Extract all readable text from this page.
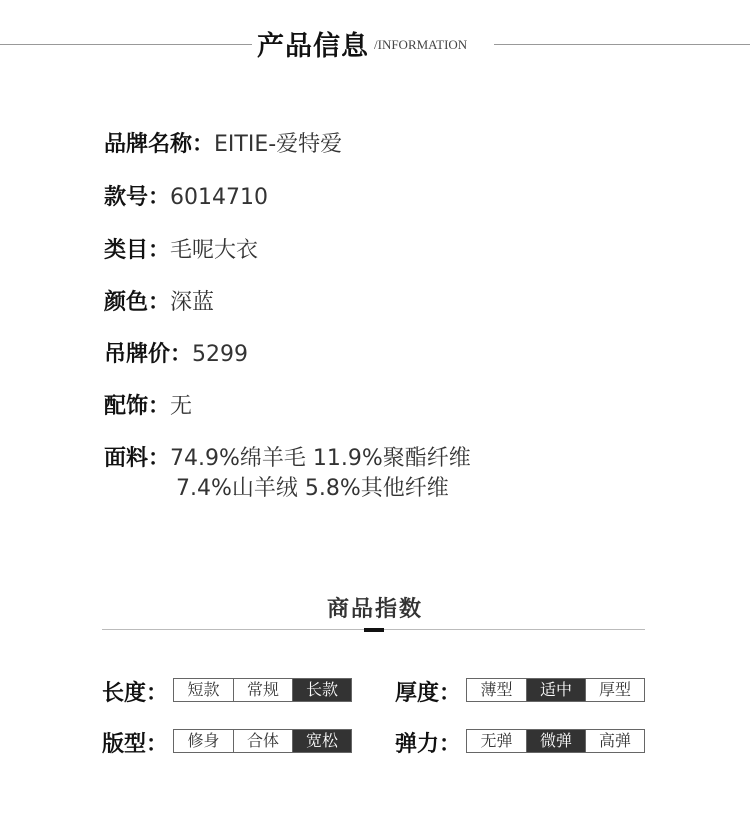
产品信息 /INFORMATION
品牌名称：EITIE-爱特爱
款号：6014710
类目：毛呢大衣
颜色：深蓝
吊牌价：5299
配饰：无
面料：74.9%绵羊毛 11.9%聚酯纤维
7.4%山羊绒 5.8%其他纤维
商品指数
长度：	短款	常规	长款	厚度：	薄型	适中	厚型
版型：	修身	合体	宽松	弹力：	无弹	微弹	高弹
